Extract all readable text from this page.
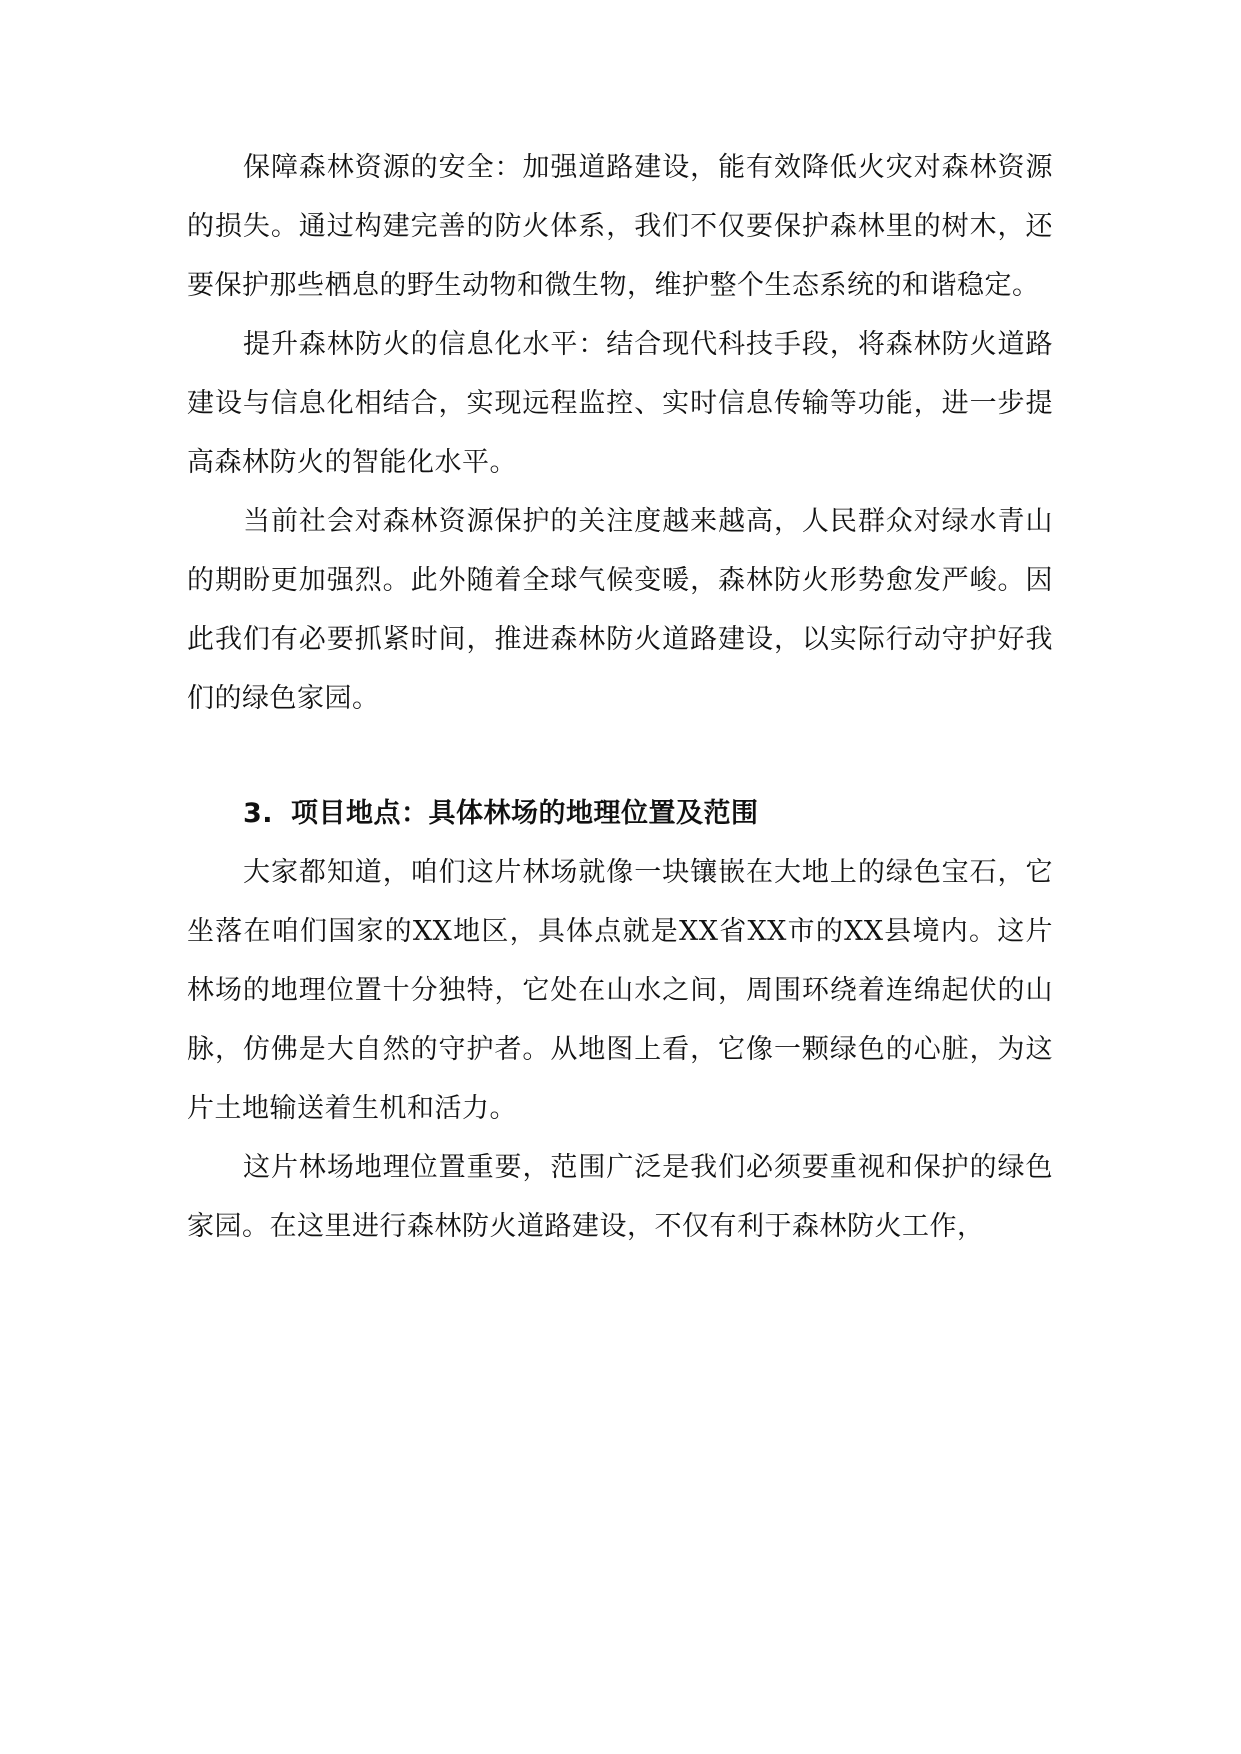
保障森林资源的安全：加强道路建设，能有效降低火灾对森林资源的损失。通过构建完善的防火体系，我们不仅要保护森林里的树木，还要保护那些栖息的野生动物和微生物，维护整个生态系统的和谐稳定。

提升森林防火的信息化水平：结合现代科技手段，将森林防火道路建设与信息化相结合，实现远程监控、实时信息传输等功能，进一步提高森林防火的智能化水平。

当前社会对森林资源保护的关注度越来越高，人民群众对绿水青山的期盼更加强烈。此外随着全球气候变暖，森林防火形势愈发严峻。因此我们有必要抓紧时间，推进森林防火道路建设，以实际行动守护好我们的绿色家园。

3. 项目地点：具体林场的地理位置及范围

大家都知道，咱们这片林场就像一块镶嵌在大地上的绿色宝石，它坐落在咱们国家的XX地区，具体点就是XX省XX市的XX县境内。这片林场的地理位置十分独特，它处在山水之间，周围环绕着连绵起伏的山脉，仿佛是大自然的守护者。从地图上看，它像一颗绿色的心脏，为这片土地输送着生机和活力。

这片林场地理位置重要，范围广泛是我们必须要重视和保护的绿色家园。在这里进行森林防火道路建设，不仅有利于森林防火工作，
